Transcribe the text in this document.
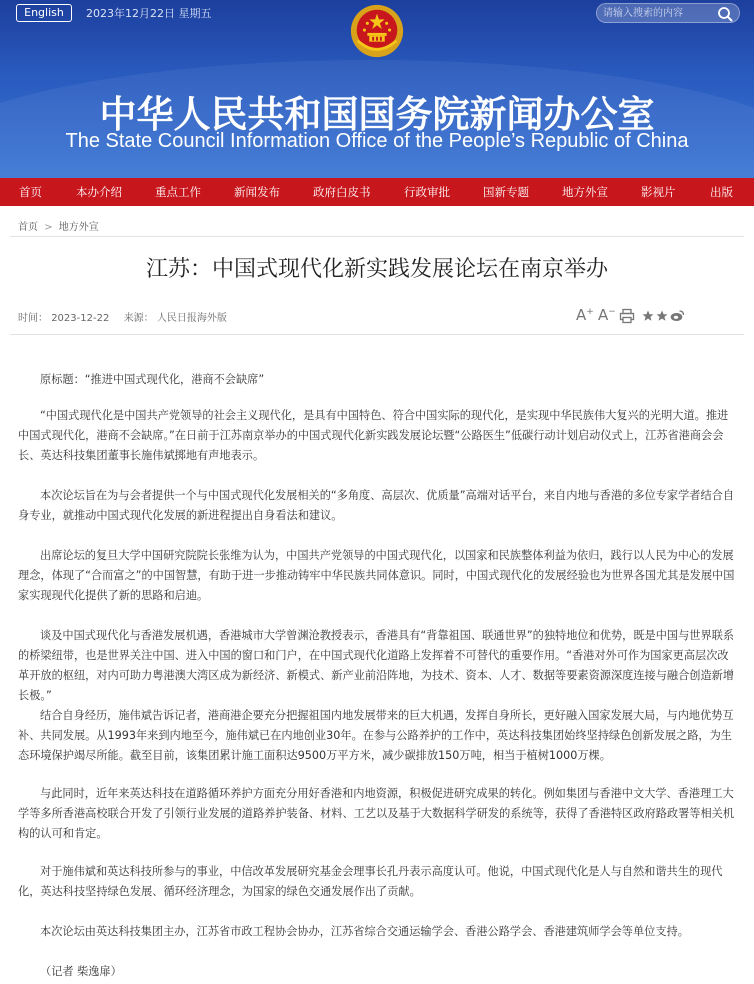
English	2023年12月22日 星期五
请输入搜索的内容
中华人民共和国国务院新闻办公室
The State Council Information Office of the People’s Republic of China
首页	本办介绍	重点工作	新闻发布	政府白皮书	行政审批	国新专题	地方外宣	影视片	出版
首页 > 地方外宣
江苏：中国式现代化新实践发展论坛在南京举办
时间： 2023-12-22 来源： 人民日报海外版	A+ A−

原标题：“推进中国式现代化，港商不会缺席”

“中国式现代化是中国共产党领导的社会主义现代化，是具有中国特色、符合中国实际的现代化，是实现中华民族伟大复兴的光明大道。推进中国式现代化，港商不会缺席。”在日前于江苏南京举办的中国式现代化新实践发展论坛暨“公路医生”低碳行动计划启动仪式上，江苏省港商会会长、英达科技集团董事长施伟斌掷地有声地表示。

本次论坛旨在为与会者提供一个与中国式现代化发展相关的“多角度、高层次、优质量”高端对话平台，来自内地与香港的多位专家学者结合自身专业，就推动中国式现代化发展的新进程提出自身看法和建议。

出席论坛的复旦大学中国研究院院长张维为认为，中国共产党领导的中国式现代化，以国家和民族整体利益为依归，践行以人民为中心的发展理念，体现了“合而富之”的中国智慧，有助于进一步推动铸牢中华民族共同体意识。同时，中国式现代化的发展经验也为世界各国尤其是发展中国家实现现代化提供了新的思路和启迪。

谈及中国式现代化与香港发展机遇，香港城市大学曾渊沧教授表示，香港具有“背靠祖国、联通世界”的独特地位和优势，既是中国与世界联系的桥梁纽带，也是世界关注中国、进入中国的窗口和门户，在中国式现代化道路上发挥着不可替代的重要作用。“香港对外可作为国家更高层次改革开放的枢纽，对内可助力粤港澳大湾区成为新经济、新模式、新产业前沿阵地，为技术、资本、人才、数据等要素资源深度连接与融合创造新增长极。”

结合自身经历，施伟斌告诉记者，港商港企要充分把握祖国内地发展带来的巨大机遇，发挥自身所长，更好融入国家发展大局，与内地优势互补、共同发展。从1993年来到内地至今，施伟斌已在内地创业30年。在参与公路养护的工作中，英达科技集团始终坚持绿色创新发展之路，为生态环境保护竭尽所能。截至目前，该集团累计施工面积达9500万平方米，减少碳排放150万吨，相当于植树1000万棵。

与此同时，近年来英达科技在道路循环养护方面充分用好香港和内地资源，积极促进研究成果的转化。例如集团与香港中文大学、香港理工大学等多所香港高校联合开发了引领行业发展的道路养护装备、材料、工艺以及基于大数据科学研发的系统等，获得了香港特区政府路政署等相关机构的认可和肯定。

对于施伟斌和英达科技所参与的事业，中信改革发展研究基金会理事长孔丹表示高度认可。他说，中国式现代化是人与自然和谐共生的现代化，英达科技坚持绿色发展、循环经济理念，为国家的绿色交通发展作出了贡献。

本次论坛由英达科技集团主办，江苏省市政工程协会协办，江苏省综合交通运输学会、香港公路学会、香港建筑师学会等单位支持。

（记者 柴逸扉）
